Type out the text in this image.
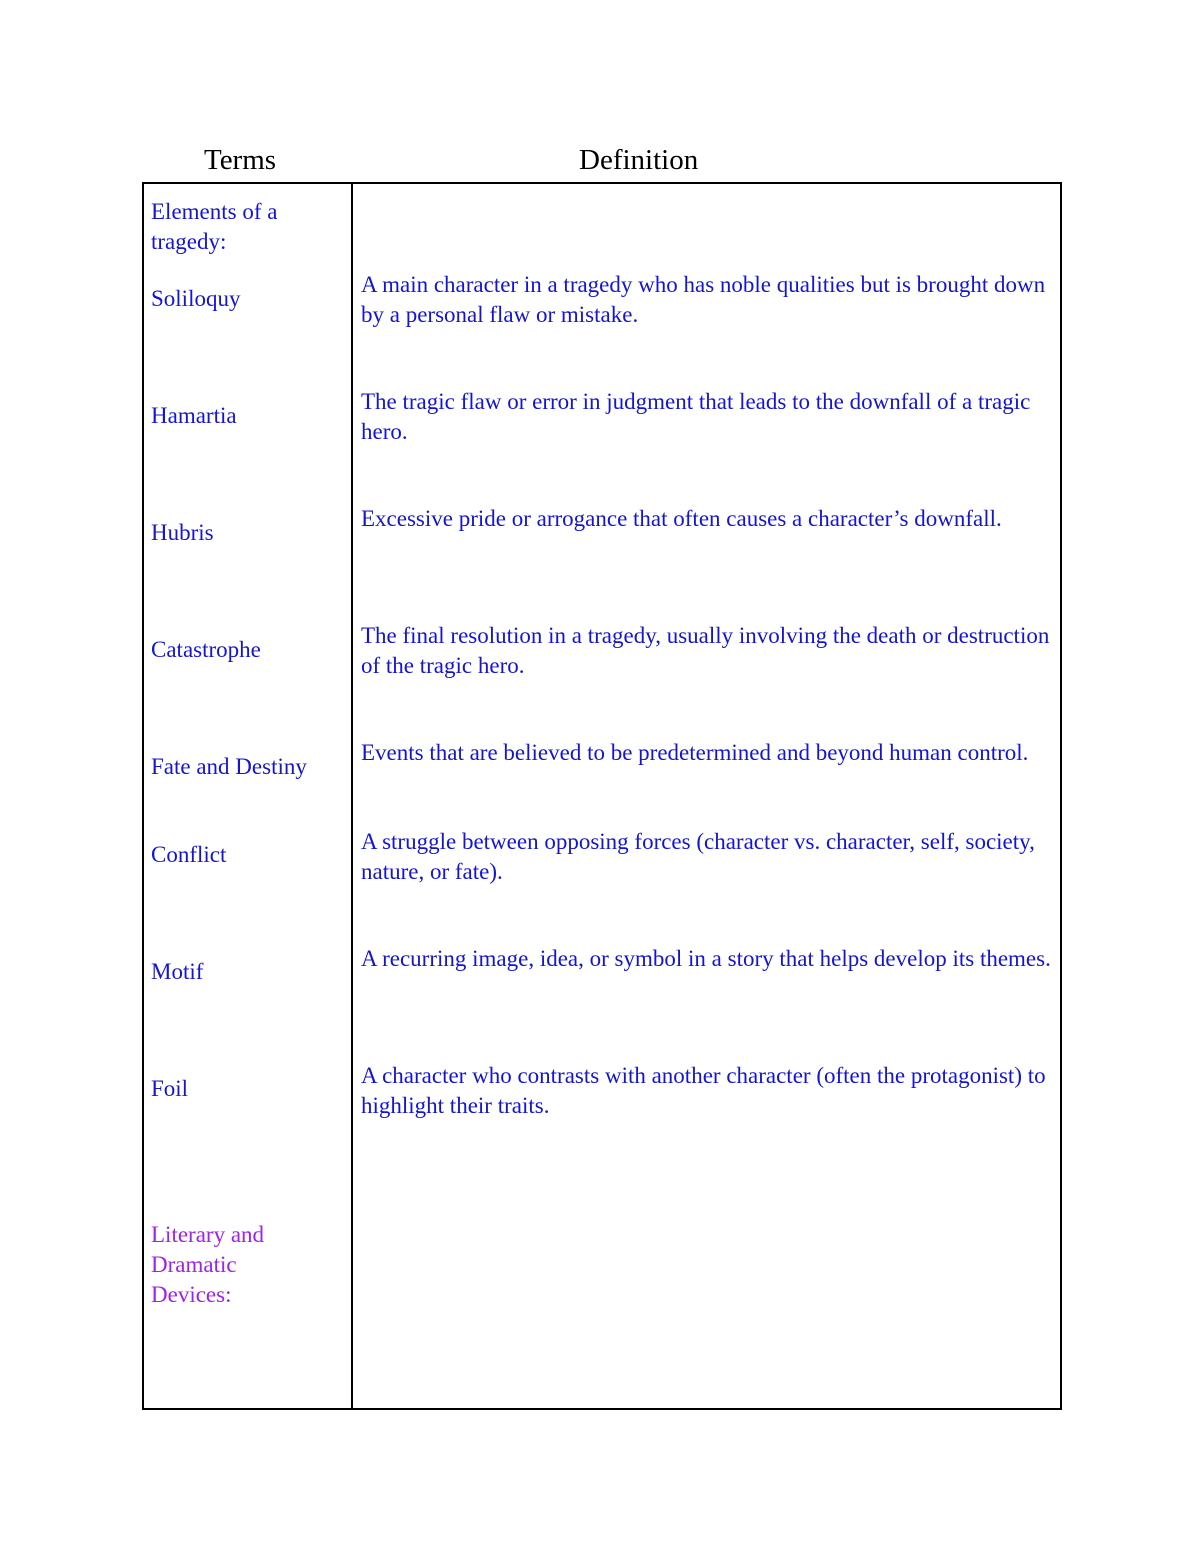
Terms	Definition
Elements of a tragedy:
Soliloquy
A main character in a tragedy who has noble qualities but is brought down by a personal flaw or mistake.
Hamartia
The tragic flaw or error in judgment that leads to the downfall of a tragic hero.
Hubris
Excessive pride or arrogance that often causes a character’s downfall.
Catastrophe
The final resolution in a tragedy, usually involving the death or destruction of the tragic hero.
Fate and Destiny
Events that are believed to be predetermined and beyond human control.
Conflict
A struggle between opposing forces (character vs. character, self, society, nature, or fate).
Motif
A recurring image, idea, or symbol in a story that helps develop its themes.
Foil
A character who contrasts with another character (often the protagonist) to highlight their traits.
Literary and Dramatic Devices:
